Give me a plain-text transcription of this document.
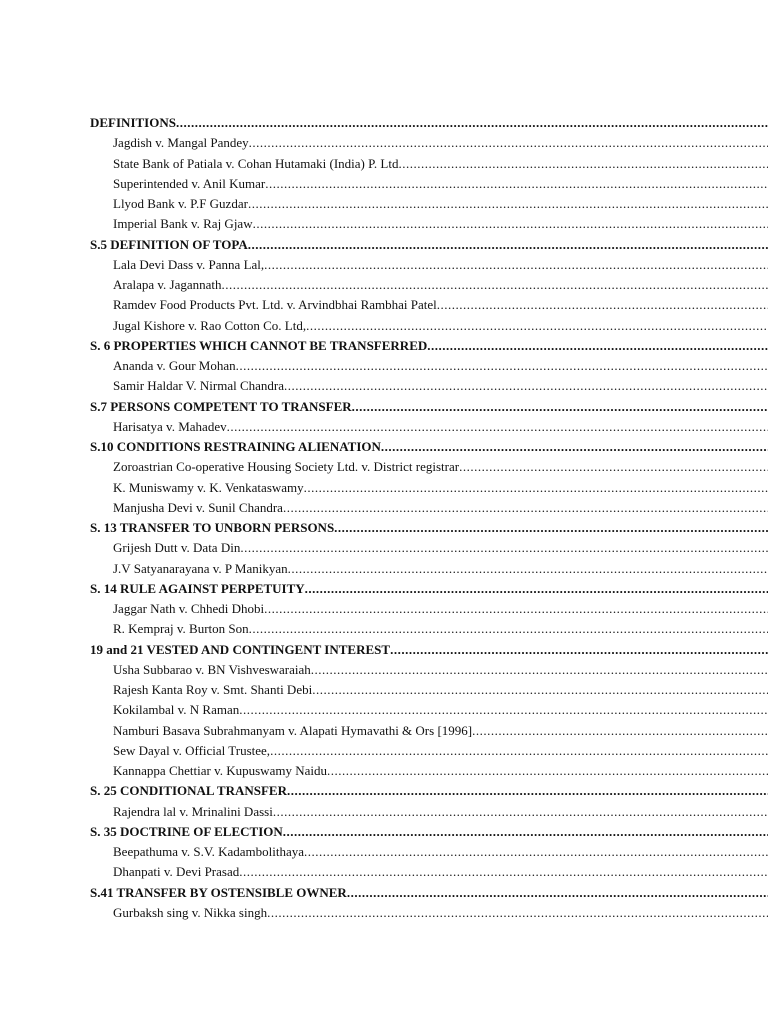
DEFINITIONS
.....
Jagdish v. Mangal Pandey
.....
State Bank of Patiala v. Cohan Hutamaki (India) P. Ltd
.....
Superintended v. Anil Kumar
.....
Llyod Bank v. P.F Guzdar
.....
Imperial Bank v. Raj Gjaw
.....
S.5 DEFINITION OF TOPA
.....
Lala Devi Dass v. Panna Lal,
.....
Aralapa v. Jagannath
.....
Ramdev Food Products Pvt. Ltd. v. Arvindbhai Rambhai Patel
.....
Jugal Kishore v. Rao Cotton Co. Ltd,
.....
S. 6 PROPERTIES WHICH CANNOT BE TRANSFERRED
.....
Ananda v. Gour Mohan
.....
Samir Haldar V. Nirmal Chandra
.....
S.7 PERSONS COMPETENT TO TRANSFER
.....
Harisatya v. Mahadev
.....
S.10 CONDITIONS RESTRAINING ALIENATION
.....
Zoroastrian Co-operative Housing Society Ltd. v. District registrar
.....
K. Muniswamy v. K. Venkataswamy
.....
Manjusha Devi v. Sunil Chandra
.....
S. 13 TRANSFER TO UNBORN PERSONS
.....
Grijesh Dutt v. Data Din
.....
J.V Satyanarayana v. P Manikyan
.....
S. 14 RULE AGAINST PERPETUITY
.....
Jaggar Nath v. Chhedi Dhobi
.....
R. Kempraj v. Burton Son
.....
19 and 21 VESTED AND CONTINGENT INTEREST
.....
Usha Subbarao v. BN Vishveswaraiah
.....
Rajesh Kanta Roy v. Smt. Shanti Debi
.....
Kokilambal v. N Raman
.....
Namburi Basava Subrahmanyam v. Alapati Hymavathi & Ors [1996]
.....
Sew Dayal v. Official Trustee,
.....
Kannappa Chettiar v. Kupuswamy Naidu
.....
S. 25 CONDITIONAL TRANSFER
.....
Rajendra lal v. Mrinalini Dassi
.....
S. 35 DOCTRINE OF ELECTION
.....
Beepathuma v. S.V. Kadambolithaya
.....
Dhanpati v. Devi Prasad
.....
S.41 TRANSFER BY OSTENSIBLE OWNER
.....
Gurbaksh sing v. Nikka singh
.....
